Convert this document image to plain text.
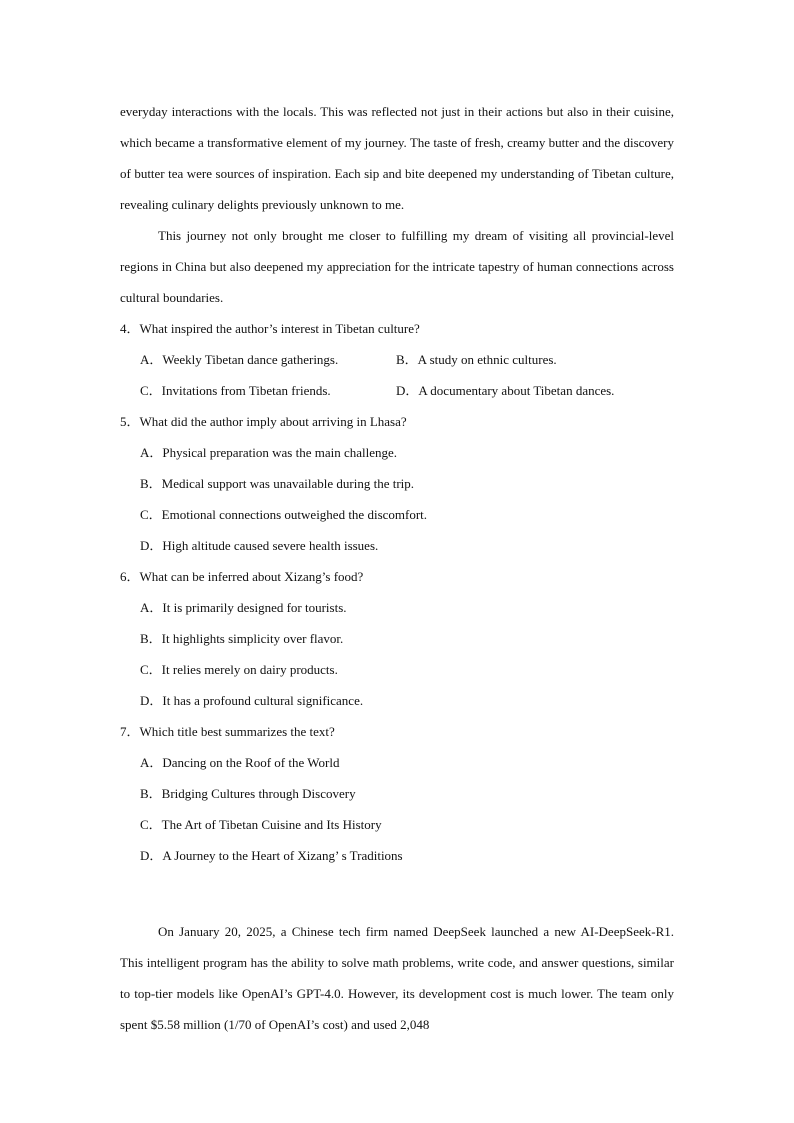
everyday interactions with the locals. This was reflected not just in their actions but also in their cuisine, which became a transformative element of my journey. The taste of fresh, creamy butter and the discovery of butter tea were sources of inspiration. Each sip and bite deepened my understanding of Tibetan culture, revealing culinary delights previously unknown to me.

This journey not only brought me closer to fulfilling my dream of visiting all provincial-level regions in China but also deepened my appreciation for the intricate tapestry of human connections across cultural boundaries.

4．What inspired the author’s interest in Tibetan culture?

A．Weekly Tibetan dance gatherings.	B．A study on ethnic cultures.
C．Invitations from Tibetan friends.	D．A documentary about Tibetan dances.

5．What did the author imply about arriving in Lhasa?

A．Physical preparation was the main challenge.

B．Medical support was unavailable during the trip.

C．Emotional connections outweighed the discomfort.

D．High altitude caused severe health issues.

6．What can be inferred about Xizang’s food?

A．It is primarily designed for tourists.

B．It highlights simplicity over flavor.

C．It relies merely on dairy products.

D．It has a profound cultural significance.

7．Which title best summarizes the text?

A．Dancing on the Roof of the World

B．Bridging Cultures through Discovery

C．The Art of Tibetan Cuisine and Its History

D．A Journey to the Heart of Xizang’ s Traditions

On January 20, 2025, a Chinese tech firm named DeepSeek launched a new AI-DeepSeek-R1. This intelligent program has the ability to solve math problems, write code, and answer questions, similar to top-tier models like OpenAI’s GPT-4.0. However, its development cost is much lower. The team only spent $5.58 million (1/70 of OpenAI’s cost) and used 2,048
